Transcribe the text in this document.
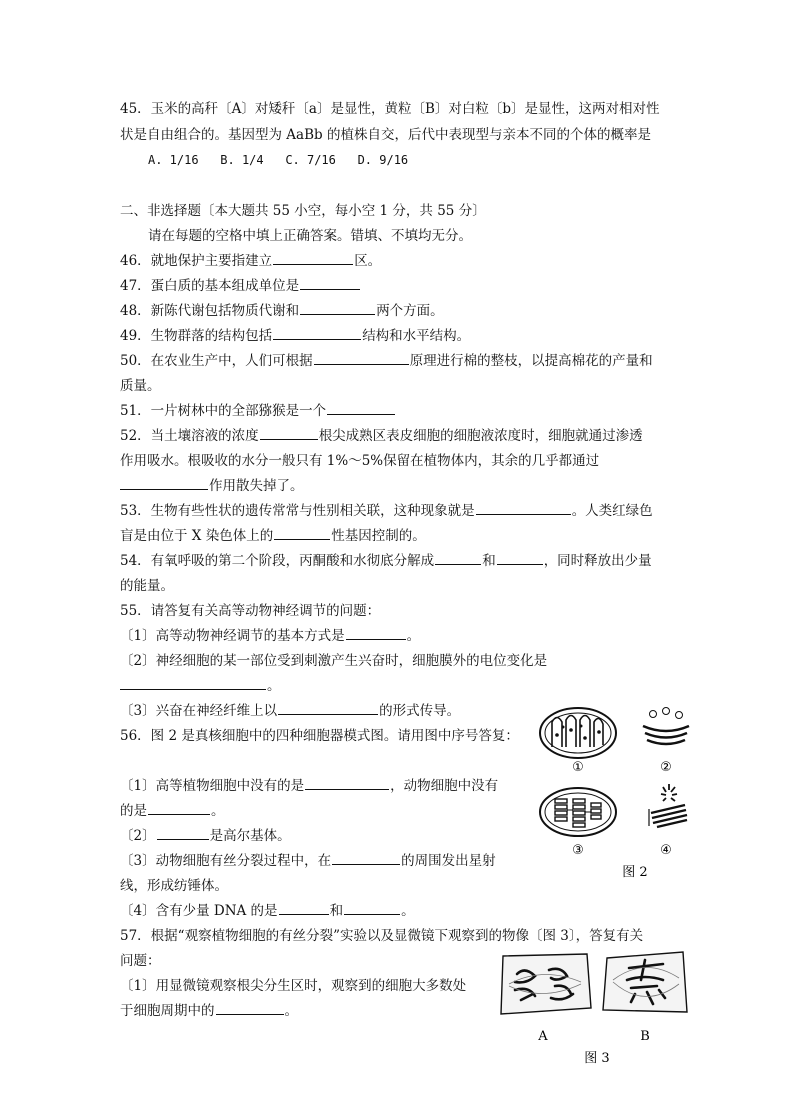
45．玉米的高秆〔A〕对矮秆〔a〕是显性，黄粒〔B〕对白粒〔b〕是显性，这两对相对性
状是自由组合的。基因型为 AaBb 的植株自交，后代中表现型与亲本不同的个体的概率是
A. 1/16 B. 1/4 C. 7/16 D. 9/16
二、非选择题〔本大题共 55 小空，每小空 1 分，共 55 分〕
请在每题的空格中填上正确答案。错填、不填均无分。
46．就地保护主要指建立	区。
47．蛋白质的基本组成单位是
48．新陈代谢包括物质代谢和	两个方面。
49．生物群落的结构包括	结构和水平结构。
50．在农业生产中，人们可根据	原理进行棉的整枝，以提高棉花的产量和
质量。
51．一片树林中的全部猕猴是一个
52．当土壤溶液的浓度	根尖成熟区表皮细胞的细胞液浓度时，细胞就通过渗透
作用吸水。根吸收的水分一般只有 1%～5%保留在植物体内，其余的几乎都通过
作用散失掉了。
53．生物有些性状的遗传常常与性别相关联，这种现象就是	。人类红绿色
盲是由位于 X 染色体上的	性基因控制的。
54．有氧呼吸的第二个阶段，丙酮酸和水彻底分解成	和	，同时释放出少量
的能量。
55．请答复有关高等动物神经调节的问题：
〔1〕高等动物神经调节的基本方式是	。
〔2〕神经细胞的某一部位受到刺激产生兴奋时，细胞膜外的电位变化是
。
〔3〕兴奋在神经纤维上以	的形式传导。
56．图 2 是真核细胞中的四种细胞器模式图。请用图中序号答复：
〔1〕高等植物细胞中没有的是	，动物细胞中没有
的是	。
〔2〕	是高尔基体。
〔3〕动物细胞有丝分裂过程中，在	的周围发出星射
线，形成纺锤体。
〔4〕含有少量 DNA 的是	和	。
57．根据“观察植物细胞的有丝分裂”实验以及显微镜下观察到的物像〔图 3〕，答复有关
问题：
〔1〕用显微镜观察根尖分生区时，观察到的细胞大多数处
于细胞周期中的	。
①	②
③	④
图 2
A	B
图 3
